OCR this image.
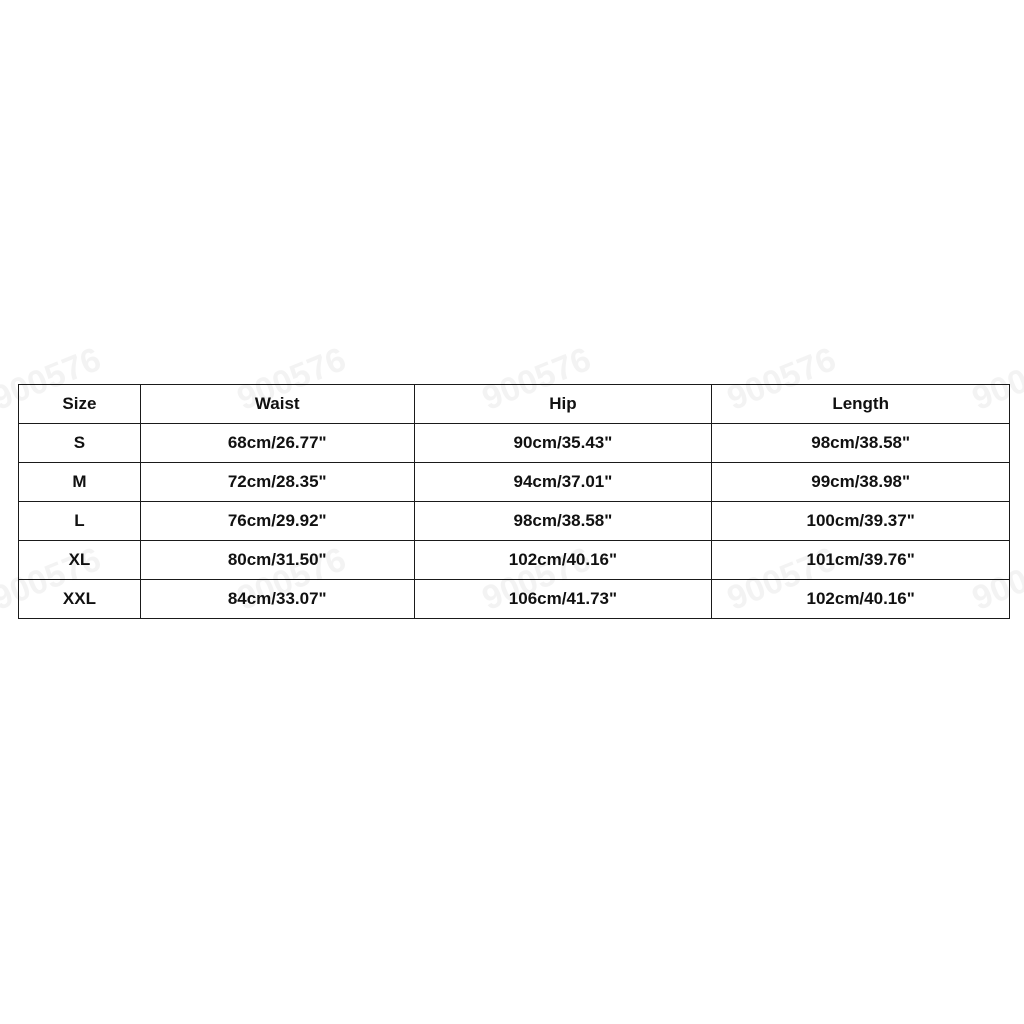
Size	Waist	Hip	Length
S	68cm/26.77"	90cm/35.43"	98cm/38.58"
M	72cm/28.35"	94cm/37.01"	99cm/38.98"
L	76cm/29.92"	98cm/38.58"	100cm/39.37"
XL	80cm/31.50"	102cm/40.16"	101cm/39.76"
XXL	84cm/33.07"	106cm/41.73"	102cm/40.16"
